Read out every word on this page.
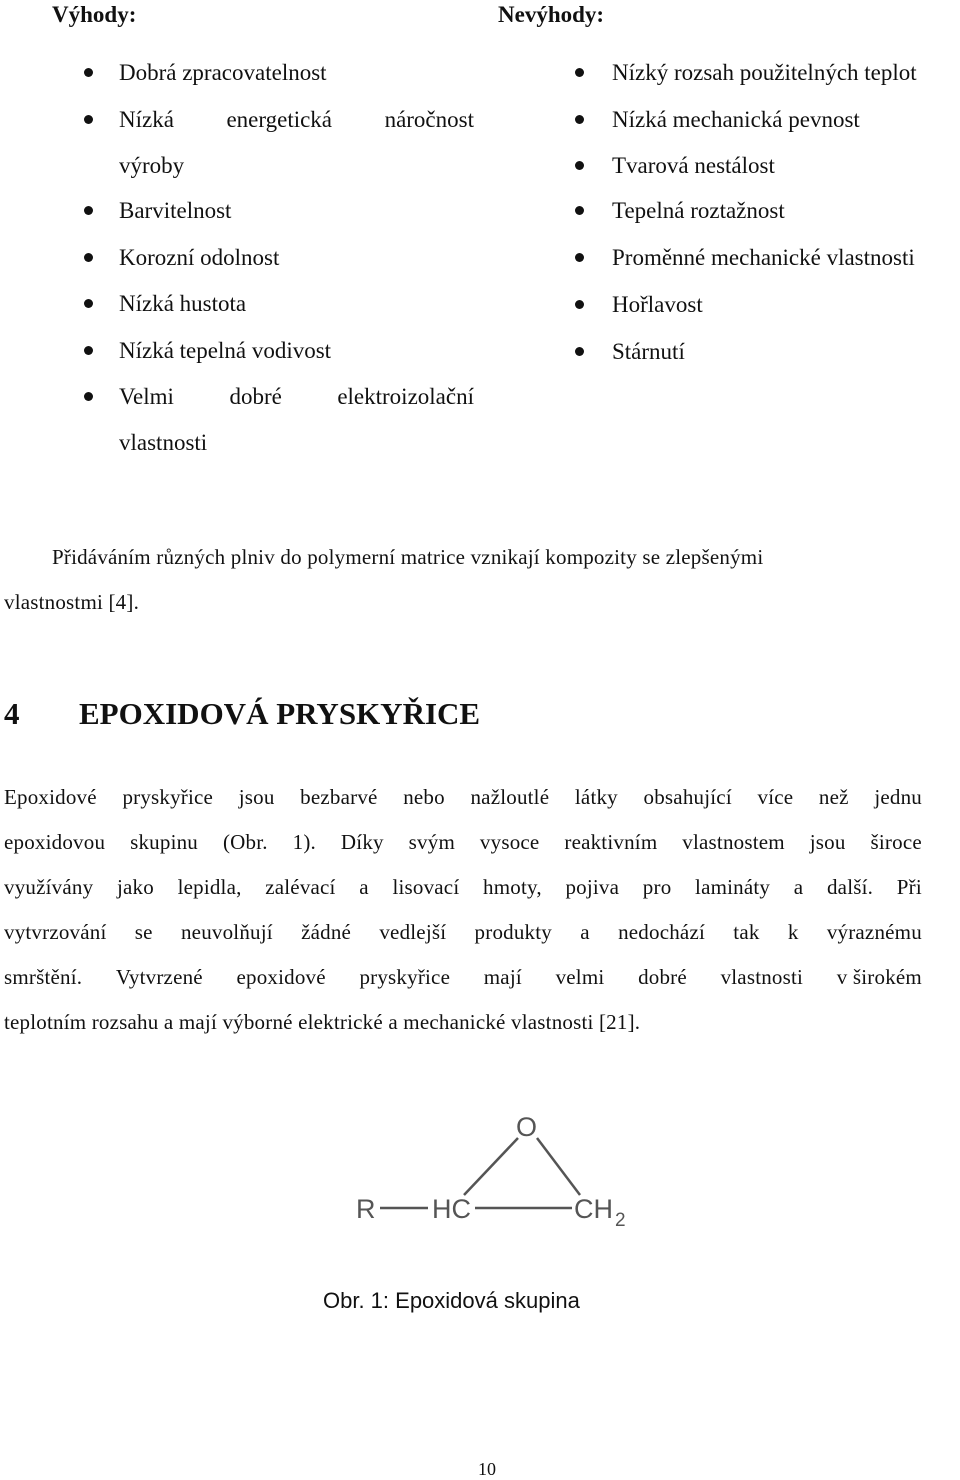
Výhody:	Nevýhody:
Dobrá zpracovatelnost
Nízká energetická náročnost
výroby
Barvitelnost
Korozní odolnost
Nízká hustota
Nízká tepelná vodivost
Velmi dobré elektroizolační
vlastnosti
Nízký rozsah použitelných teplot
Nízká mechanická pevnost
Tvarová nestálost
Tepelná roztažnost
Proměnné mechanické vlastnosti
Hořlavost
Stárnutí
Přidáváním různých plniv do polymerní matrice vznikají kompozity se zlepšenými
vlastnostmi [4].
4 EPOXIDOVÁ PRYSKYŘICE
Epoxidové pryskyřice jsou bezbarvé nebo nažloutlé látky obsahující více než jednu
epoxidovou skupinu (Obr. 1). Díky svým vysoce reaktivním vlastnostem jsou široce
využívány jako lepidla, zalévací a lisovací hmoty, pojiva pro lamináty a další. Při
vytvrzování se neuvolňují žádné vedlejší produkty a nedochází tak k výraznému
smrštění. Vytvrzené epoxidové pryskyřice mají velmi dobré vlastnosti v širokém
teplotním rozsahu a mají výborné elektrické a mechanické vlastnosti [21].
O
R HC	CH 2
Obr. 1: Epoxidová skupina
10
